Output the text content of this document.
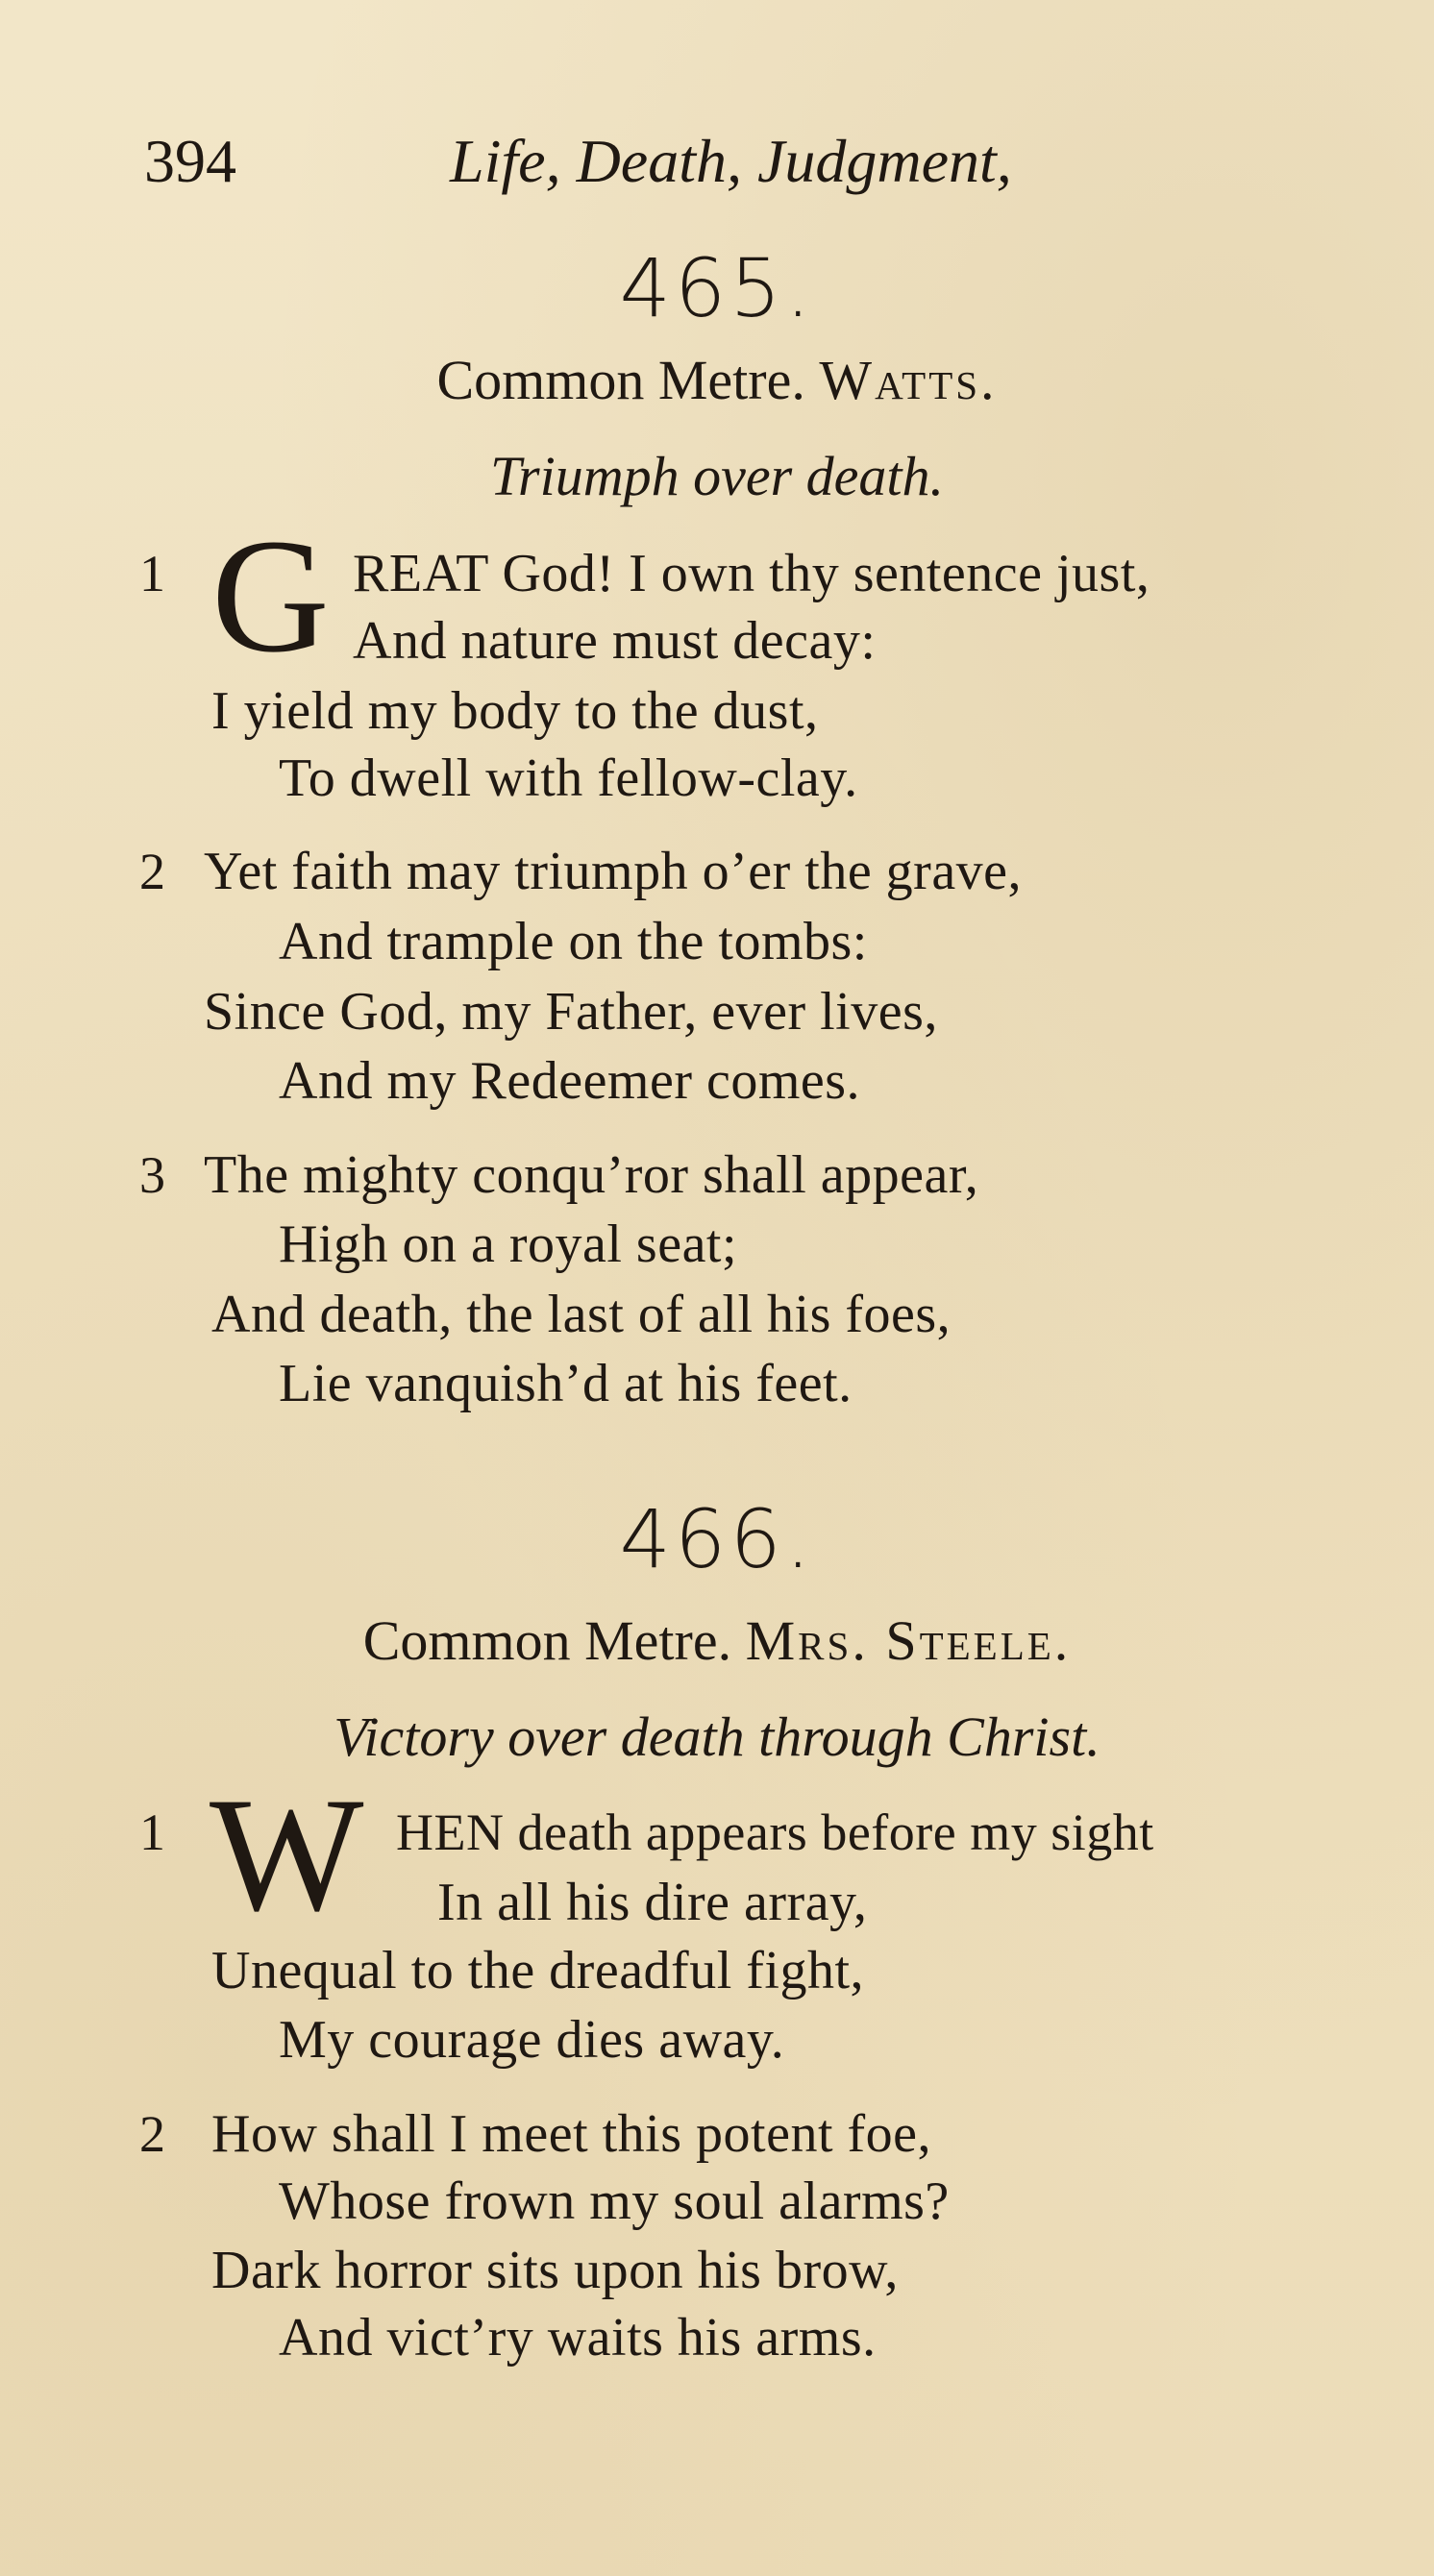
394	Life, Death, Judgment,
465.
Common Metre. Watts.
Triumph over death.
1 G REAT God! I own thy sentence just,
And nature must decay:
I yield my body to the dust,
To dwell with fellow-clay.
2 Yet faith may triumph o’er the grave,
And trample on the tombs:
Since God, my Father, ever lives,
And my Redeemer comes.
3 The mighty conqu’ror shall appear,
High on a royal seat;
And death, the last of all his foes,
Lie vanquish’d at his feet.
466.
Common Metre. Mrs. Steele.
Victory over death through Christ.
1 W HEN death appears before my sight
In all his dire array,
Unequal to the dreadful fight,
My courage dies away.
2 How shall I meet this potent foe,
Whose frown my soul alarms?
Dark horror sits upon his brow,
And vict’ry waits his arms.
